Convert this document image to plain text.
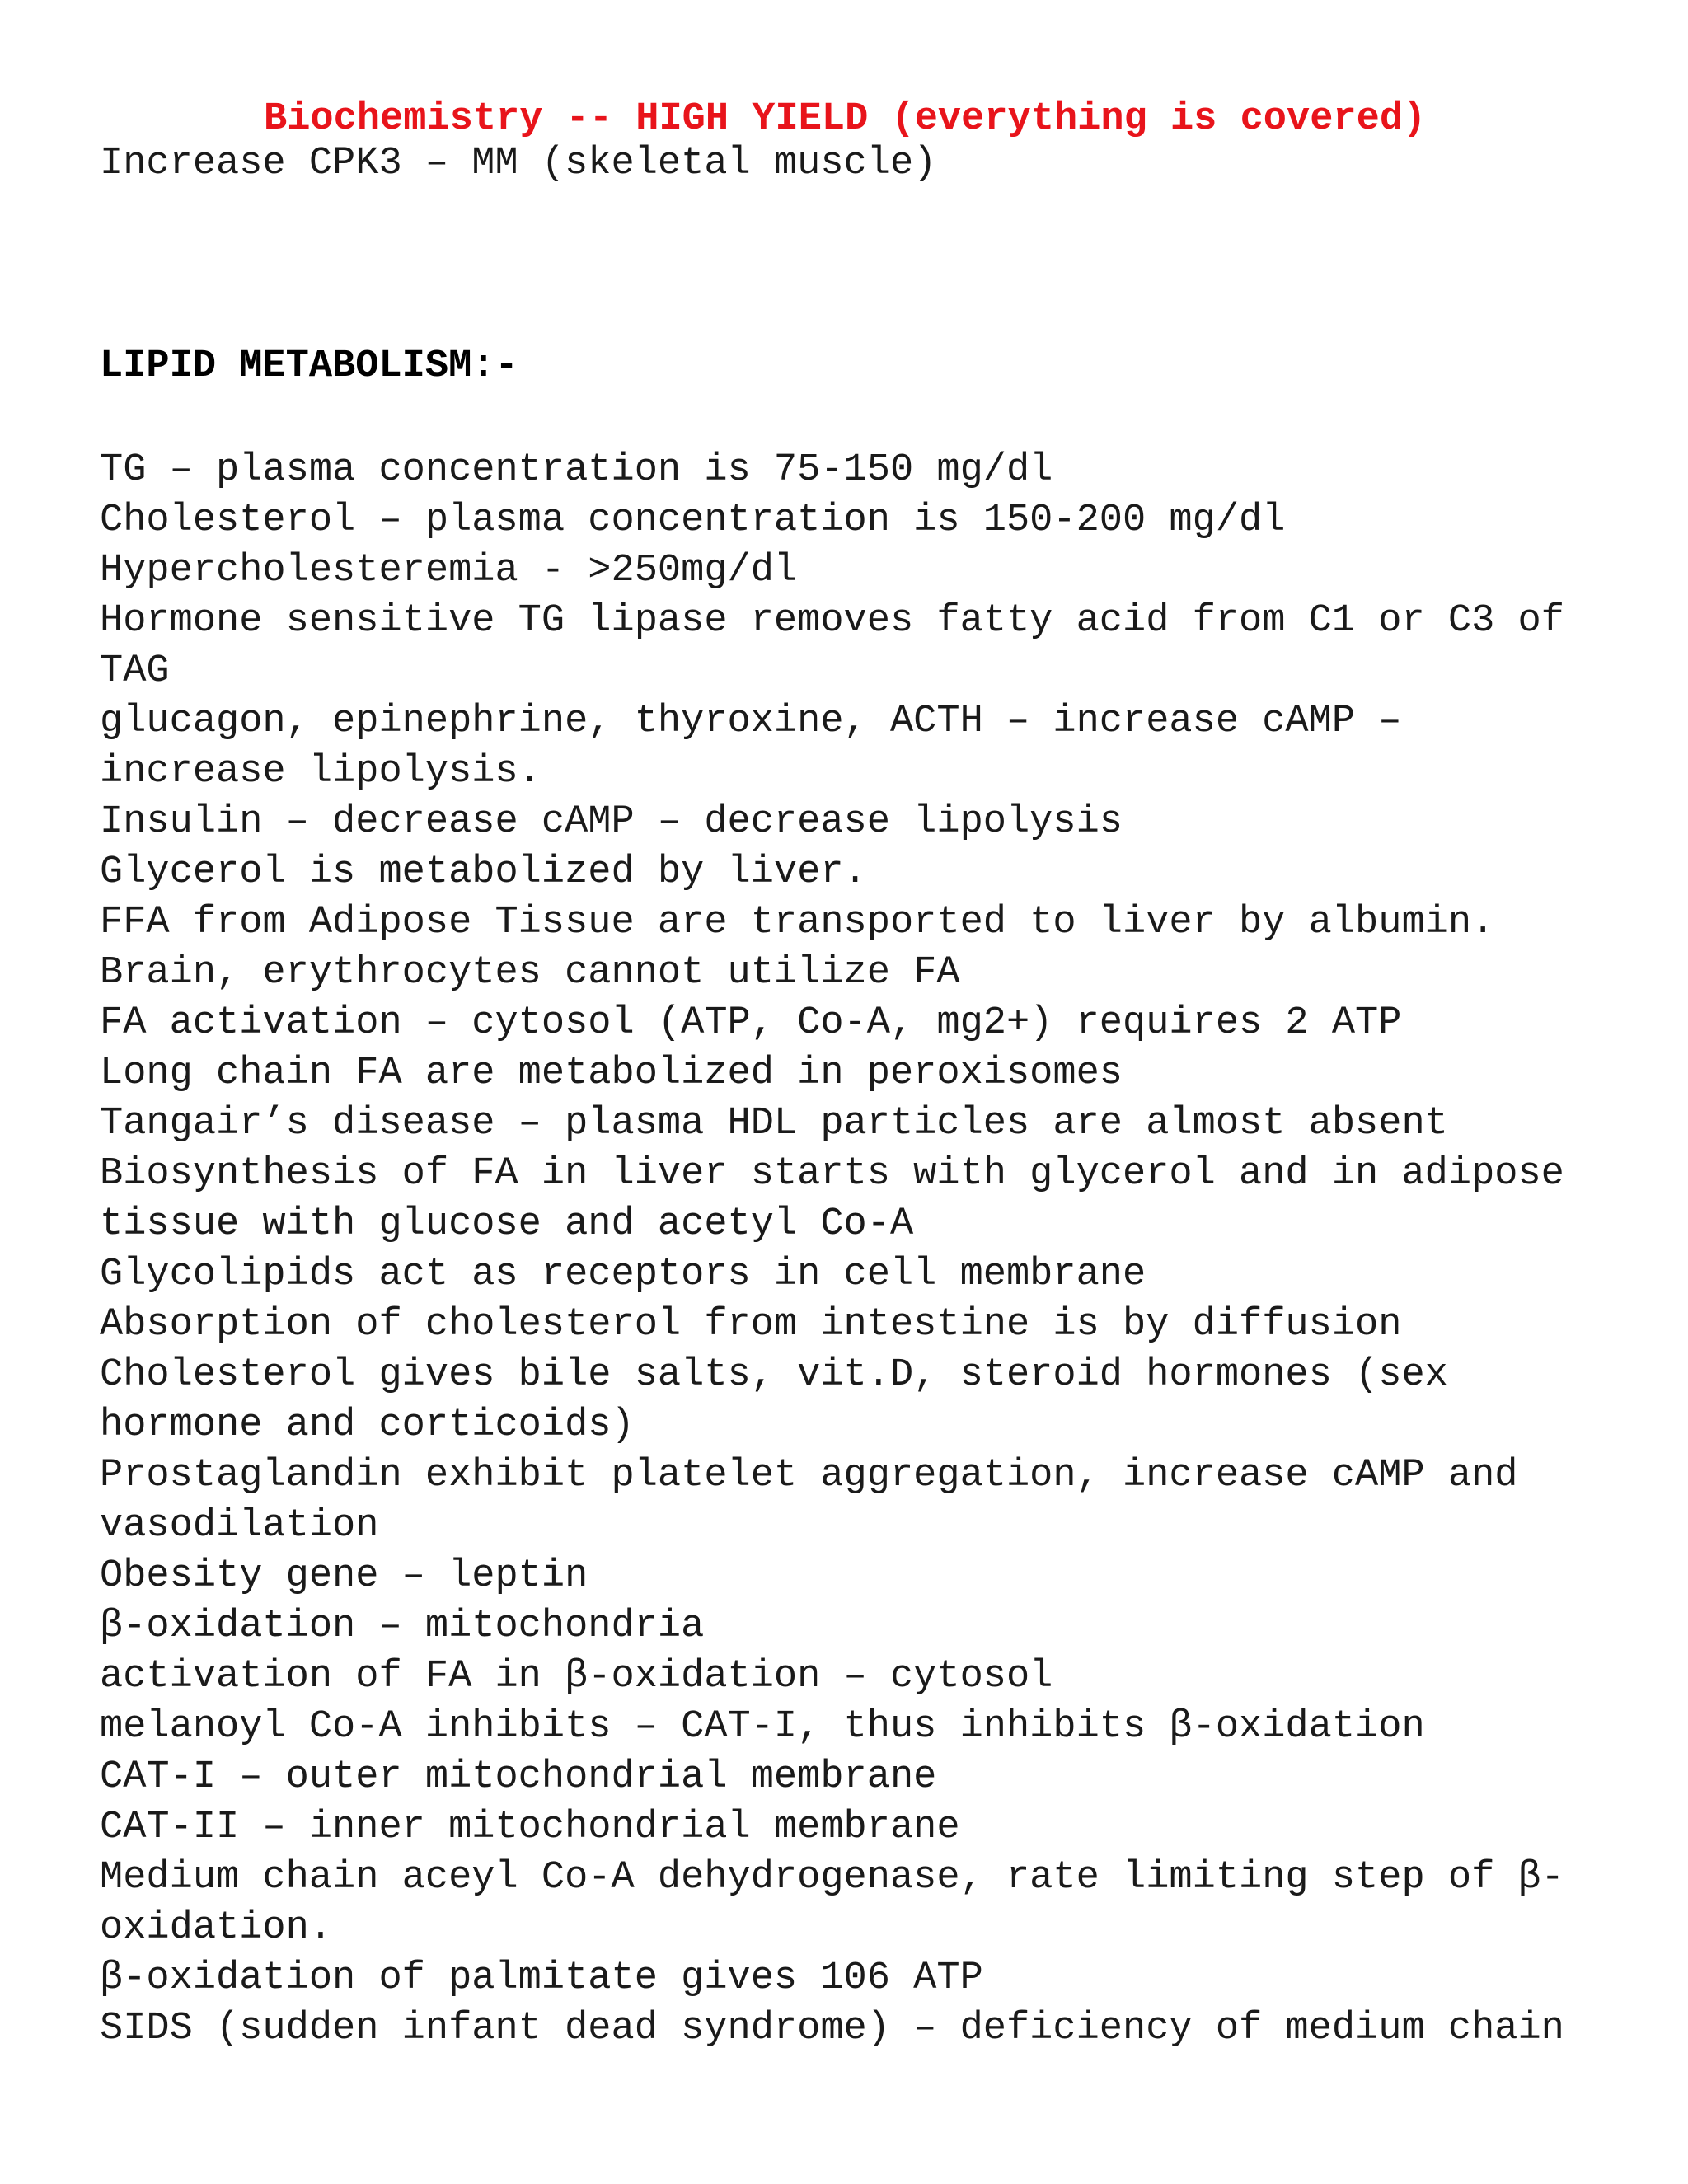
Biochemistry -- HIGH YIELD (everything is covered)
Increase CPK3 – MM (skeletal muscle)
LIPID METABOLISM:-
TG – plasma concentration is 75-150 mg/dl
Cholesterol – plasma concentration is 150-200 mg/dl
Hypercholesteremia - >250mg/dl
Hormone sensitive TG lipase removes fatty acid from C1 or C3 of
TAG
glucagon, epinephrine, thyroxine, ACTH – increase cAMP –
increase lipolysis.
Insulin – decrease cAMP – decrease lipolysis
Glycerol is metabolized by liver.
FFA from Adipose Tissue are transported to liver by albumin.
Brain, erythrocytes cannot utilize FA
FA activation – cytosol (ATP, Co-A, mg2+) requires 2 ATP
Long chain FA are metabolized in peroxisomes
Tangair’s disease – plasma HDL particles are almost absent
Biosynthesis of FA in liver starts with glycerol and in adipose
tissue with glucose and acetyl Co-A
Glycolipids act as receptors in cell membrane
Absorption of cholesterol from intestine is by diffusion
Cholesterol gives bile salts, vit.D, steroid hormones (sex
hormone and corticoids)
Prostaglandin exhibit platelet aggregation, increase cAMP and
vasodilation
Obesity gene – leptin
β-oxidation – mitochondria
activation of FA in β-oxidation – cytosol
melanoyl Co-A inhibits – CAT-I, thus inhibits β-oxidation
CAT-I – outer mitochondrial membrane
CAT-II – inner mitochondrial membrane
Medium chain aceyl Co-A dehydrogenase, rate limiting step of β-
oxidation.
β-oxidation of palmitate gives 106 ATP
SIDS (sudden infant dead syndrome) – deficiency of medium chain
